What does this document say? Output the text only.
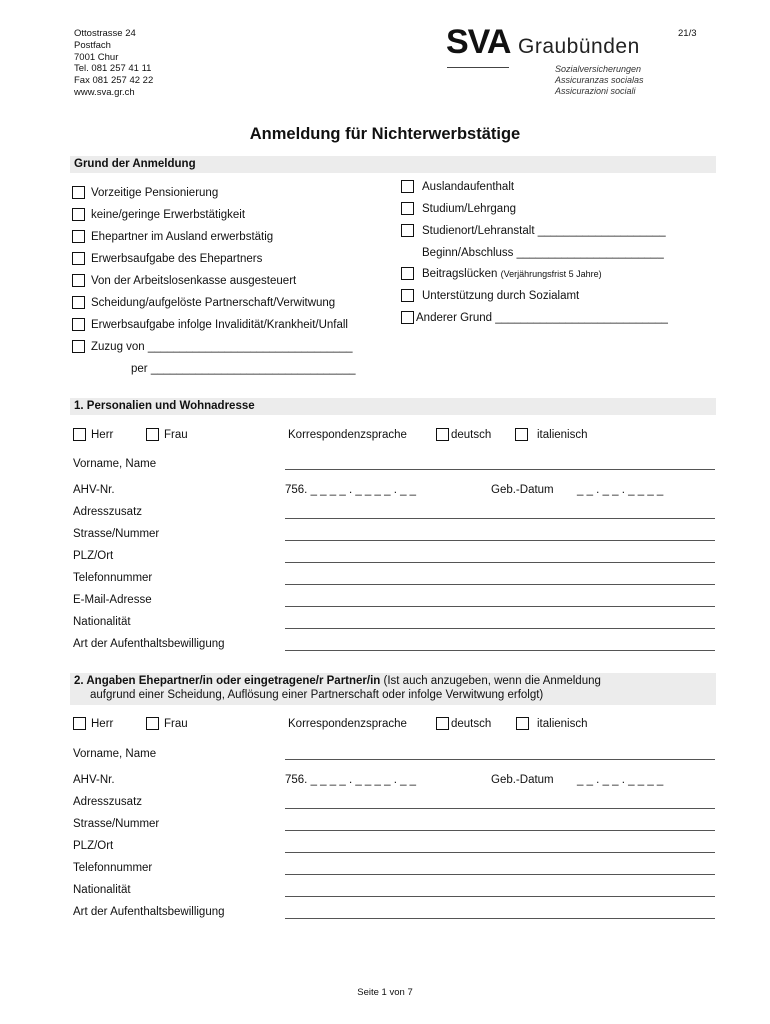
Ottostrasse 24
Postfach
7001 Chur
Tel. 081 257 41 11
Fax 081 257 42 22
www.sva.gr.ch
21/3
SVA Graubünden
Sozialversicherungen
Assicuranzas socialas
Assicurazioni sociali
Anmeldung für Nichterwerbstätige
Grund der Anmeldung
Vorzeitige Pensionierung
keine/geringe Erwerbstätigkeit
Ehepartner im Ausland erwerbstätig
Erwerbsaufgabe des Ehepartners
Von der Arbeitslosenkasse ausgesteuert
Scheidung/aufgelöste Partnerschaft/Verwitwung
Erwerbsaufgabe infolge Invalidität/Krankheit/Unfall
Zuzug von ________________________________
per ________________________________
Auslandaufenthalt
Studium/Lehrgang
Studienort/Lehranstalt ____________________
Beginn/Abschluss _______________________
Beitragslücken (Verjährungsfrist 5 Jahre)
Unterstützung durch Sozialamt
Anderer Grund ___________________________
1. Personalien und Wohnadresse
Herr	Frau	Korrespondenzsprache	deutsch	italienisch
Vorname, Name
AHV-Nr.	756. _ _ _ _ . _ _ _ _ . _ _	Geb.-Datum _ _ . _ _ . _ _ _ _
Adresszusatz
Strasse/Nummer
PLZ/Ort
Telefonnummer
E-Mail-Adresse
Nationalität
Art der Aufenthaltsbewilligung
2. Angaben Ehepartner/in oder eingetragene/r Partner/in (Ist auch anzugeben, wenn die Anmeldung
aufgrund einer Scheidung, Auflösung einer Partnerschaft oder infolge Verwitwung erfolgt)
Herr	Frau	Korrespondenzsprache	deutsch	italienisch
Vorname, Name
AHV-Nr.	756. _ _ _ _ . _ _ _ _ . _ _	Geb.-Datum _ _ . _ _ . _ _ _ _
Adresszusatz
Strasse/Nummer
PLZ/Ort
Telefonnummer
Nationalität
Art der Aufenthaltsbewilligung
Seite 1 von 7
